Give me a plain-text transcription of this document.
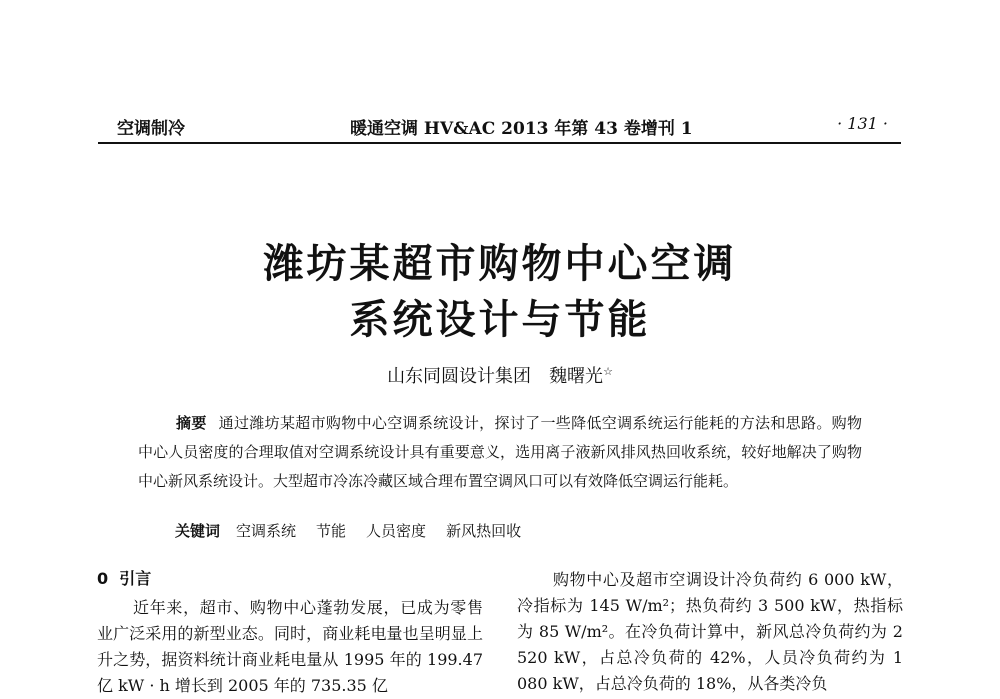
空调制冷	暖通空调 HV&AC 2013 年第 43 卷增刊 1	· 131 ·
潍坊某超市购物中心空调
系统设计与节能
山东同圆设计集团 魏曙光☆

摘要 通过潍坊某超市购物中心空调系统设计，探讨了一些降低空调系统运行能耗的方法和思路。购物中心人员密度的合理取值对空调系统设计具有重要意义，选用离子液新风排风热回收系统，较好地解决了购物中心新风系统设计。大型超市冷冻冷藏区域合理布置空调风口可以有效降低空调运行能耗。

关键词 空调系统 节能 人员密度 新风热回收
0 引言

近年来，超市、购物中心蓬勃发展，已成为零售业广泛采用的新型业态。同时，商业耗电量也呈明显上升之势，据资料统计商业耗电量从 1995 年的 199.47 亿 kW · h 增长到 2005 年的 735.35 亿

购物中心及超市空调设计冷负荷约 6 000 kW，冷指标为 145 W/m²；热负荷约 3 500 kW，热指标为 85 W/m²。在冷负荷计算中，新风总冷负荷约为 2 520 kW，占总冷负荷的 42%，人员冷负荷约为 1 080 kW，占总冷负荷的 18%，从各类冷负
